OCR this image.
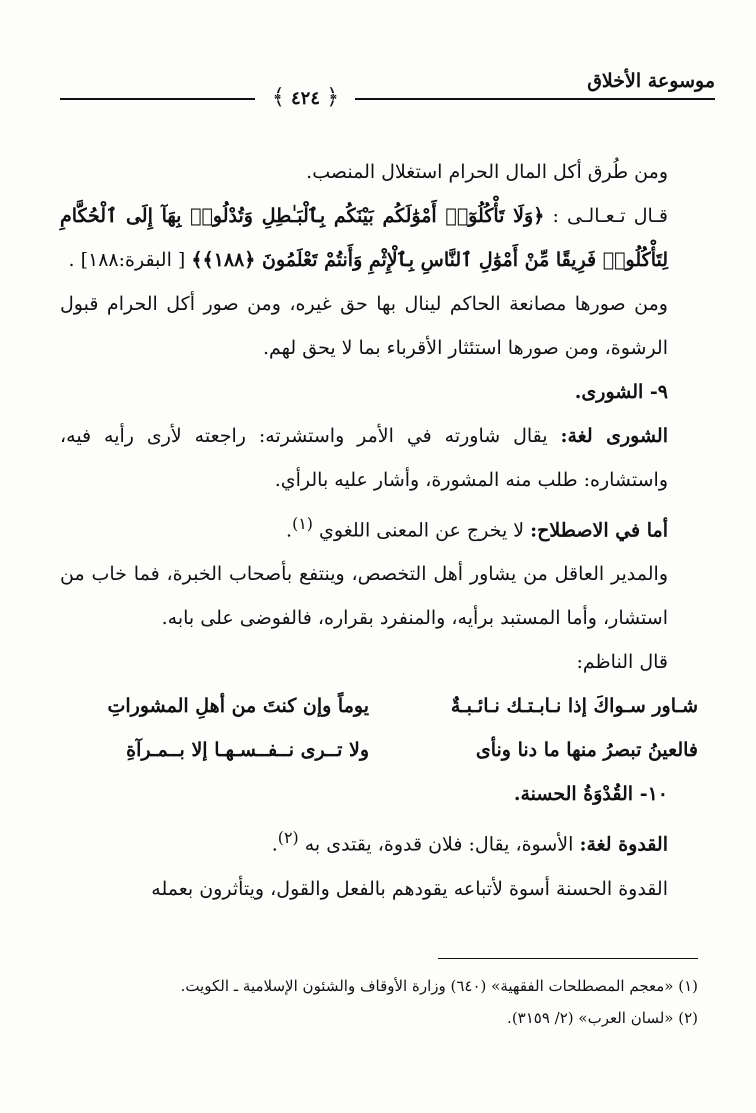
﴿ ٤٢٤ ﴾
موسوعة الأخلاق

ومن طُرق أكل المال الحرام استغلال المنصب.

قـال تـعـالـى : ﴿وَلَا تَأْكُلُوٓا۟ أَمْوَٰلَكُم بَيْنَكُم بِٱلْبَـٰطِلِ وَتُدْلُوا۟ بِهَآ إِلَى ٱلْحُكَّامِ لِتَأْكُلُوا۟ فَرِيقًا مِّنْ أَمْوَٰلِ ٱلنَّاسِ بِٱلْإِثْمِ وَأَنتُمْ تَعْلَمُونَ ﴿١٨٨﴾﴾ [ البقرة:١٨٨] .

ومن صورها مصانعة الحاكم لينال بها حق غيره، ومن صور أكل الحرام قبول الرشوة، ومن صورها استئثار الأقرباء بما لا يحق لهم.

٩- الشورى.

الشورى لغة: يقال شاورته في الأمر واستشرته: راجعته لأرى رأيه فيه، واستشاره: طلب منه المشورة، وأشار عليه بالرأي.

أما في الاصطلاح: لا يخرج عن المعنى اللغوي $^{(١)}$.

والمدير العاقل من يشاور أهل التخصص، وينتفع بأصحاب الخبرة، فما خاب من استشار، وأما المستبد برأيه، والمنفرد بقراره، فالفوضى على بابه.

قال الناظم:

شـاور سـواكَ إذا نـابـتـك نـائـبـةٌ
يوماً وإن كنتَ من أهلِ المشوراتِ
فالعينُ تبصرُ منها ما دنا ونأى
ولا تــرى نــفــسـهـا إلا بــمـرآةِ

١٠- القُدْوَةُ الحسنة.

القدوة لغة: الأسوة، يقال: فلان قدوة، يقتدى به $^{(٢)}$.

القدوة الحسنة أسوة لأتباعه يقودهم بالفعل والقول، ويتأثرون بعمله

(١) «معجم المصطلحات الفقهية» (٦٤٠) وزارة الأوقاف والشئون الإسلامية ـ الكويت.

(٢) «لسان العرب» (٢/ ٣١٥٩).
